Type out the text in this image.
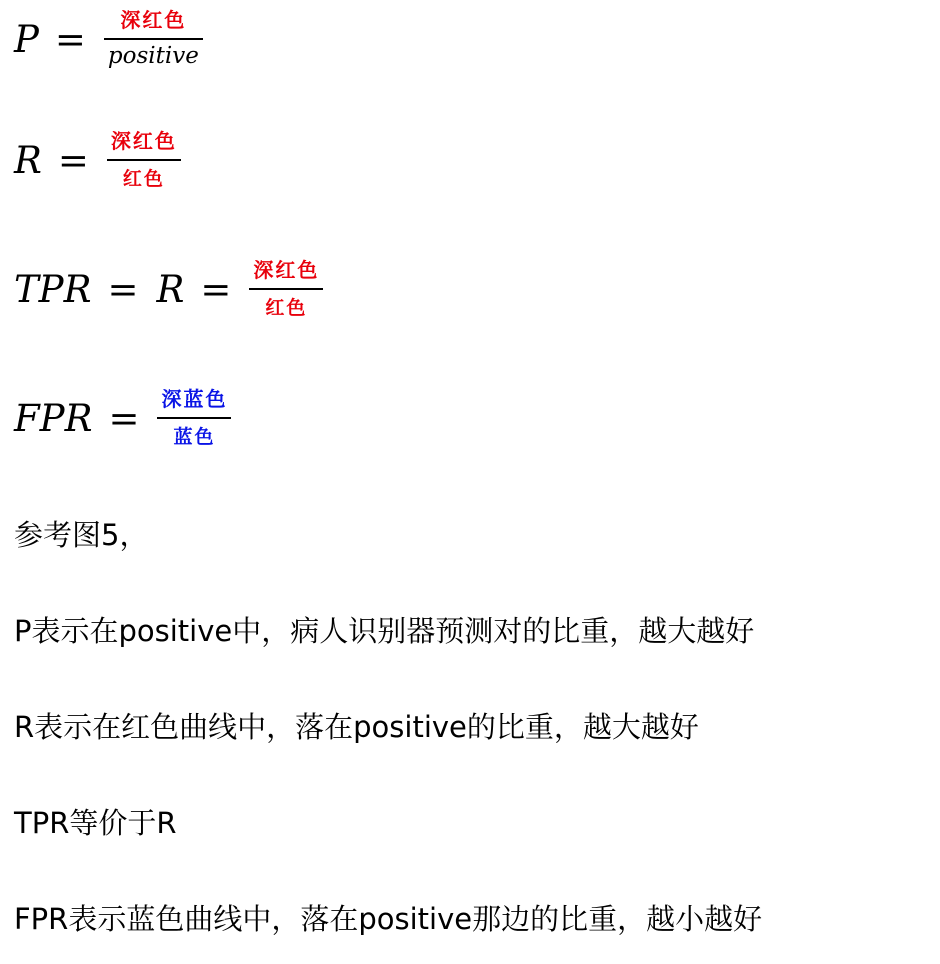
$P = \frac{\text{深红色}}{\text{positive}}$
$R = \frac{\text{深红色}}{\text{红色}}$
TPR = $R = \frac{\text{深红色}}{\text{红色}}$
FPR = $\frac{\text{深蓝色}}{\text{蓝色}}$
参考图5，
P表示在positive中，病人识别器预测对的比重，越大越好
R表示在红色曲线中，落在positive的比重，越大越好
TPR等价于R
FPR表示蓝色曲线中，落在positive那边的比重，越小越好
